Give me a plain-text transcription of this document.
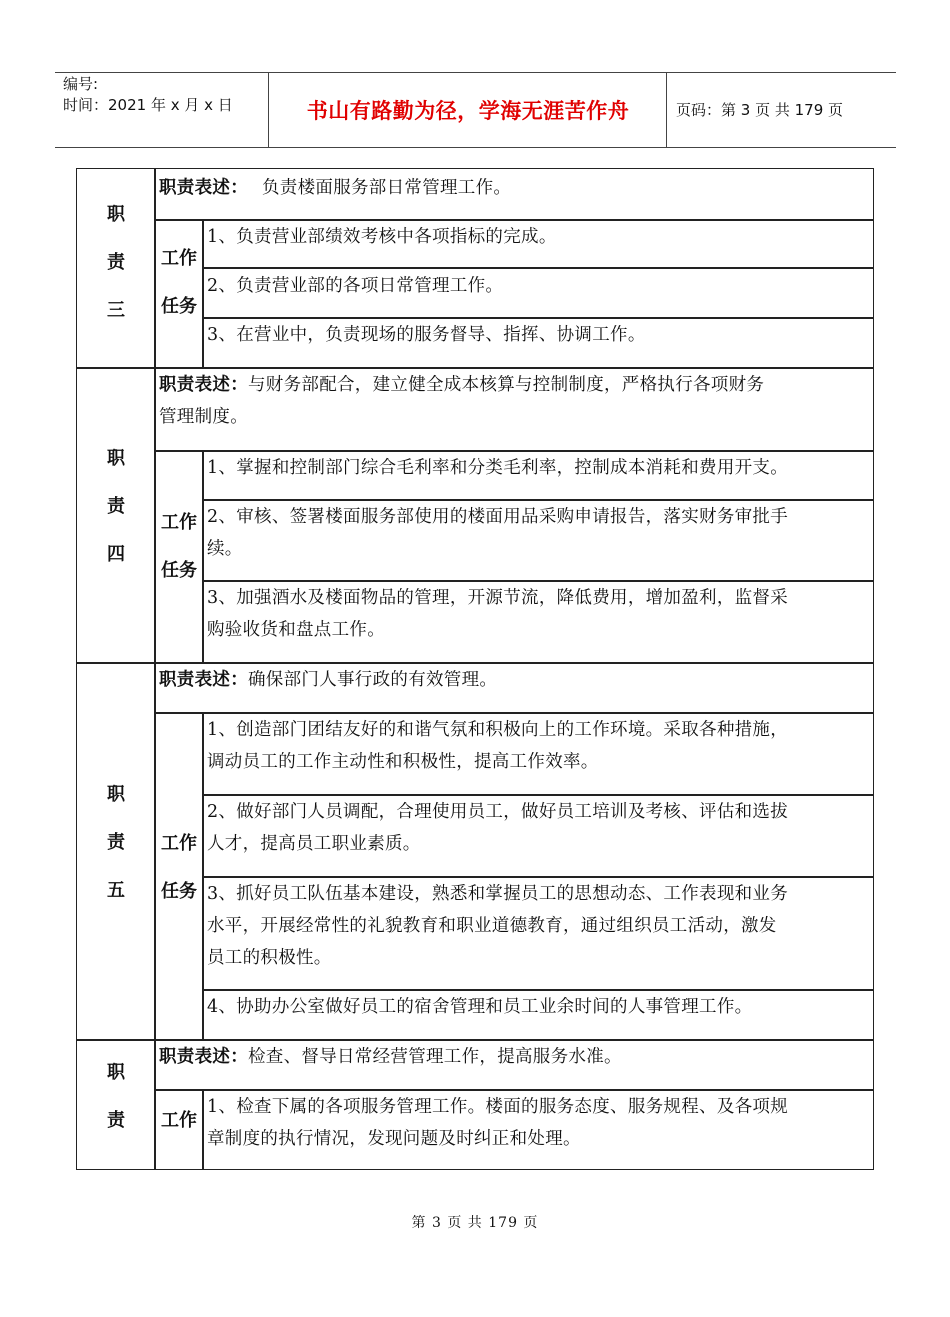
编号:
时间：2021 年 x 月 x 日	书山有路勤为径，学海无涯苦作舟	页码：第 3 页 共 179 页
职
责
三
职责表述： 负责楼面服务部日常管理工作。
工作
任务
1、负责营业部绩效考核中各项指标的完成。
2、负责营业部的各项日常管理工作。
3、在营业中，负责现场的服务督导、指挥、协调工作。
职
责
四
职责表述：与财务部配合，建立健全成本核算与控制制度，严格执行各项财务
管理制度。
工作
任务
1、掌握和控制部门综合毛利率和分类毛利率，控制成本消耗和费用开支。
2、审核、签署楼面服务部使用的楼面用品采购申请报告，落实财务审批手
续。
3、加强酒水及楼面物品的管理，开源节流，降低费用，增加盈利，监督采
购验收货和盘点工作。
职
责
五
职责表述：确保部门人事行政的有效管理。
工作
任务
1、创造部门团结友好的和谐气氛和积极向上的工作环境。采取各种措施，
调动员工的工作主动性和积极性，提高工作效率。
2、做好部门人员调配，合理使用员工，做好员工培训及考核、评估和选拔
人才，提高员工职业素质。
3、抓好员工队伍基本建设，熟悉和掌握员工的思想动态、工作表现和业务
水平，开展经常性的礼貌教育和职业道德教育，通过组织员工活动，激发
员工的积极性。
4、协助办公室做好员工的宿舍管理和员工业余时间的人事管理工作。
职
责
职责表述：检查、督导日常经营管理工作，提高服务水准。
工作
1、检查下属的各项服务管理工作。楼面的服务态度、服务规程、及各项规
章制度的执行情况，发现问题及时纠正和处理。
第 3 页 共 179 页
